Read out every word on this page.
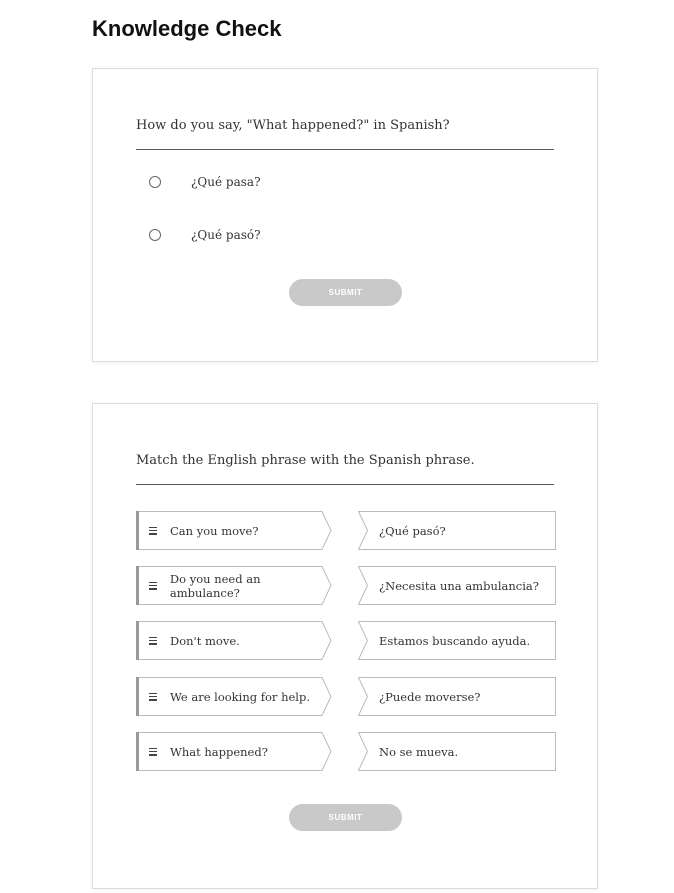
Knowledge Check
How do you say, "What happened?" in Spanish?
¿Qué pasa?
¿Qué pasó?
SUBMIT
Match the English phrase with the Spanish phrase.
Can you move?	¿Qué pasó?
Do you need an ambulance?	¿Necesita una ambulancia?
Don't move.	Estamos buscando ayuda.
We are looking for help.	¿Puede moverse?
What happened?	No se mueva.
SUBMIT
